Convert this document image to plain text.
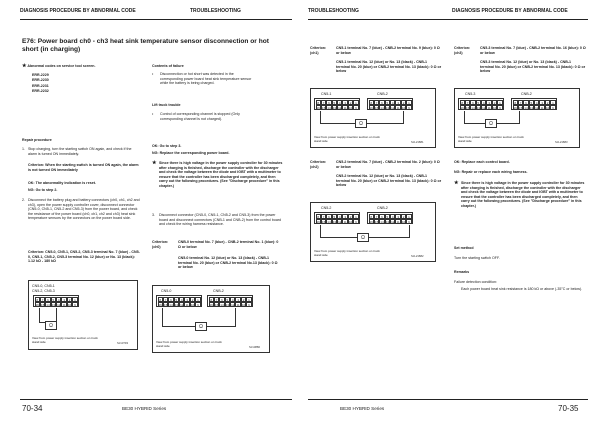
DIAGNOSIS PROCEDURE BY ABNORMAL CODE	TROUBLESHOOTING
E76: Power board ch0 - ch3 heat sink temperature sensor disconnection or hot short (in charging)
★ Abnormal codes on service tool screen.
ERR-2229
ERR-2230
ERR-2231
ERR-2232
Contents of failure
•	Disconnection or hot short was detected in the corresponding power board heat sink temperature sensor while the battery is being charged.
Lift truck trouble
•	Control of corresponding channel is stopped (Only corresponding channel is not charged).
Repair procedure
1. Stop charging, turn the starting switch ON again, and check if the alarm is turned ON immediately.
Criterion: When the starting switch is turned ON again, the alarm is not turned ON immediately
OK: The abnormality indication is reset.
NG: Go to step 2.
2. Disconnect the battery plug and battery connectors (ch0, ch1, ch2 and ch3), open the power supply controller cover, disconnect connector (CN5-0, CN5-1, CN5-2 and CN5-3) from the power board, and check the resistance of the power board (ch0, ch1, ch2 and ch3) heat sink temperature sensors by the connectors on the power board side.
Criterion: CN5-0, CN5-1, CN5-2, CN5-3 terminal No. 7 (blue) - CN5-0, CN5-1, CN5-2, CN5-3 terminal No. 12 (blue) or No. 13 (black): 1.12 kΩ - 180 kΩ
CN5-0, CN5-1
CN5-2, CN5-3
8	7	6	5	4	3	2	1
16 15 14 13 12 11 10 9
Ω
View from power supply insertion section on truck stand side	SJ13793
OK: Go to step 3.
NG: Replace the corresponding power board.
★ Since there is high voltage in the power supply controller for 30 minutes after charging is finished, discharge the controller with the discharger and check the voltage between the diode and IGBT with a multimeter to ensure that the controller has been discharged completely, and then carry out the following procedures. (See "Discharge procedure" in this chapter.)
3. Disconnect connector (CN5-0, CN5-1, CN5-2 and CN5-3) from the power board and disconnect connectors (CNB-1 and CNB-2) from the control board and check the wiring harness resistance.
Criterion: (ch0)
CNB-0 terminal No. 7 (blue) - CNB-2 terminal No. 1 (blue): 0 Ω or below
CN5-0 terminal No. 12 (blue) or No. 13 (black) - CNB-1 terminal No. 20 (blue) or CNB-2 terminal No.13 (black): 0 Ω or below
CN5-0	CNB-2
8	7	6	5	4	3	2	1
16 15 14 13 12 11 10 9
8	7	6	5	4	3	2	1
16 15 14 13 12 11 10 9
Ω
View from power supply insertion section on truck stand side	SJ13880
70-34	BE30 HYBRID Series
TROUBLESHOOTING	DIAGNOSIS PROCEDURE BY ABNORMAL CODE
Criterion: (ch1)
CN5-1 terminal No. 7 (blue) - CNB-2 terminal No. 9 (blue): 0 Ω or below
CN5-1 terminal No. 12 (blue) or No. 13 (black) - CNB-1 terminal No. 20 (blue) or CNB-2 terminal No. 13 (black): 0 Ω or below
CN5-1	CNB-2
8	7	6	5	4	3	2	1
16 15 14 13 12 11 10 9
8	7	6	5	4	3	2	1
16 15 14 13 12 11 10 9
Ω
View from power supply insertion section on truck stand side	SJL21881
Criterion: (ch2)
CN5-2 terminal No. 7 (blue) - CNB-2 terminal No. 2 (blue): 0 Ω or below
CN5-2 terminal No. 12 (blue) or No. 13 (black) - CNB-1 terminal No. 20 (blue) or CNB-2 terminal No. 13 (black): 0 Ω or below
CN5-2	CNB-2
8	7	6	5	4	3	2	1
16 15 14 13 12 11 10 9
8	7	6	5	4	3	2	1
16 15 14 13 12 11 10 9
Ω
View from power supply insertion section on truck stand side	SJL21882
Criterion: (ch3)
CN5-3 terminal No. 7 (blue) - CNB-2 terminal No. 16 (blue): 0 Ω or below
CN5-3 terminal No. 12 (blue) or No. 13 (black) - CNB-1 terminal No. 20 (blue) or CNB-2 terminal No. 13 (black): 0 Ω or below
CN5-3	CNB-2
8	7	6	5	4	3	2	1
16 15 14 13 12 11 10 9
8	7	6	5	4	3	2	1
16 15 14 13 12 11 10 9
Ω
View from power supply insertion section on truck stand side	SJL21883
OK: Replace each control board.
NG: Repair or replace each wiring harness.
★ Since there is high voltage in the power supply controller for 30 minutes after charging is finished, discharge the controller with the discharger and check the voltage between the diode and IGBT with a multimeter to ensure that the controller has been discharged completely, and then carry out the following procedures. (See "Discharge procedure" in this chapter.)
Set method
Turn the starting switch OFF.
Remarks
Failure detection condition:
Each power board heat sink resistance is 180 kΩ or above (-35°C or below).
BE30 HYBRID Series	70-35
